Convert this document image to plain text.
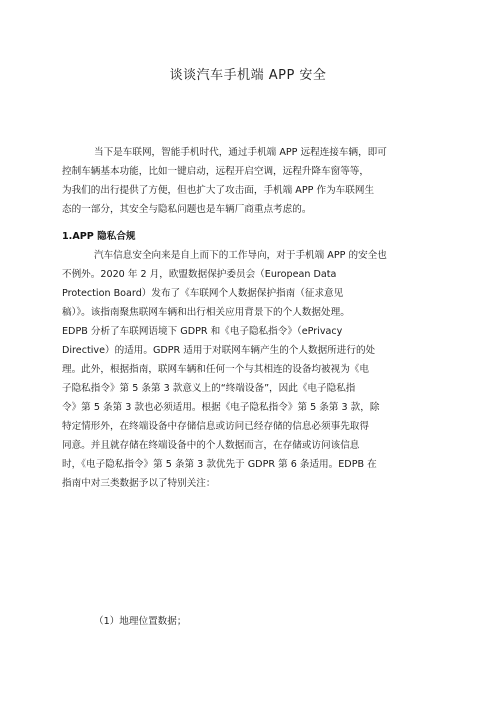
谈谈汽车手机端 APP 安全
当下是车联网，智能手机时代，通过手机端 APP 远程连接车辆，即可
控制车辆基本功能，比如一键启动，远程开启空调，远程升降车窗等等，
为我们的出行提供了方便，但也扩大了攻击面，手机端 APP 作为车联网生
态的一部分，其安全与隐私问题也是车辆厂商重点考虑的。
1.APP 隐私合规
汽车信息安全向来是自上而下的工作导向，对于手机端 APP 的安全也
不例外。2020 年 2 月，欧盟数据保护委员会（European Data
Protection Board）发布了《车联网个人数据保护指南（征求意见
稿）》。该指南聚焦联网车辆和出行相关应用背景下的个人数据处理。
EDPB 分析了车联网语境下 GDPR 和《电子隐私指令》（ePrivacy
Directive）的适用。GDPR 适用于对联网车辆产生的个人数据所进行的处
理。此外，根据指南，联网车辆和任何一个与其相连的设备均被视为《电
子隐私指令》第 5 条第 3 款意义上的“终端设备”，因此《电子隐私指
令》第 5 条第 3 款也必须适用。根据《电子隐私指令》第 5 条第 3 款，除
特定情形外，在终端设备中存储信息或访问已经存储的信息必须事先取得
同意。并且就存储在终端设备中的个人数据而言，在存储或访问该信息
时，《电子隐私指令》第 5 条第 3 款优先于 GDPR 第 6 条适用。EDPB 在
指南中对三类数据予以了特别关注：
（1）地理位置数据；
